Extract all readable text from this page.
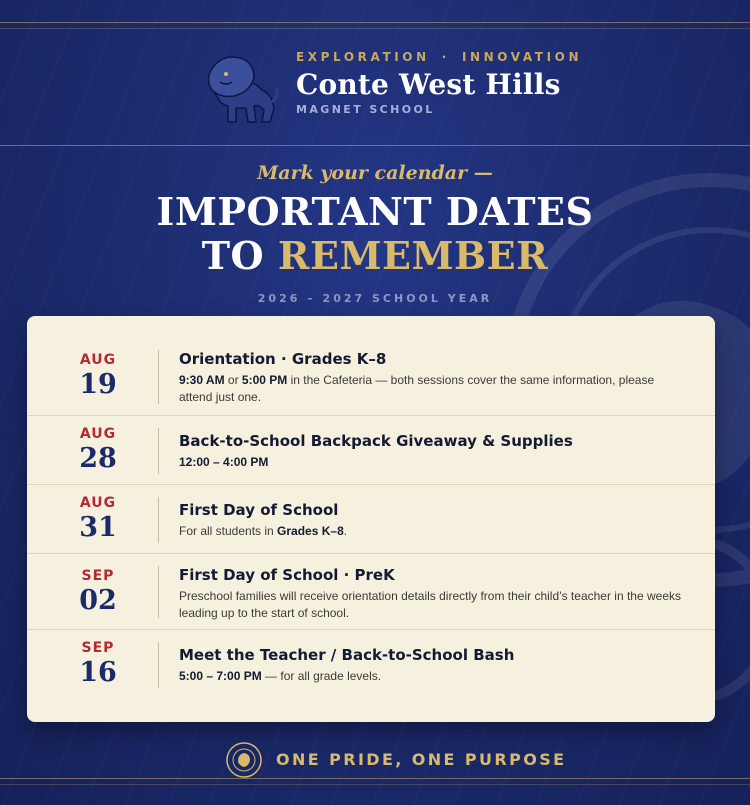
EXPLORATION · INNOVATION
Conte West Hills
MAGNET SCHOOL
Mark your calendar —
IMPORTANT DATES
TO REMEMBER
2026 – 2027 SCHOOL YEAR
AUG
19
Orientation · Grades K–8
9:30 AM or 5:00 PM in the Cafeteria — both sessions cover the same information, please attend just one.
AUG
28
Back-to-School Backpack Giveaway & Supplies
12:00 – 4:00 PM
AUG
31
First Day of School
For all students in Grades K–8.
SEP
02
First Day of School · PreK
Preschool families will receive orientation details directly from their child’s teacher in the weeks leading up to the start of school.
SEP
16
Meet the Teacher / Back-to-School Bash
5:00 – 7:00 PM — for all grade levels.
ONE PRIDE, ONE PURPOSE
